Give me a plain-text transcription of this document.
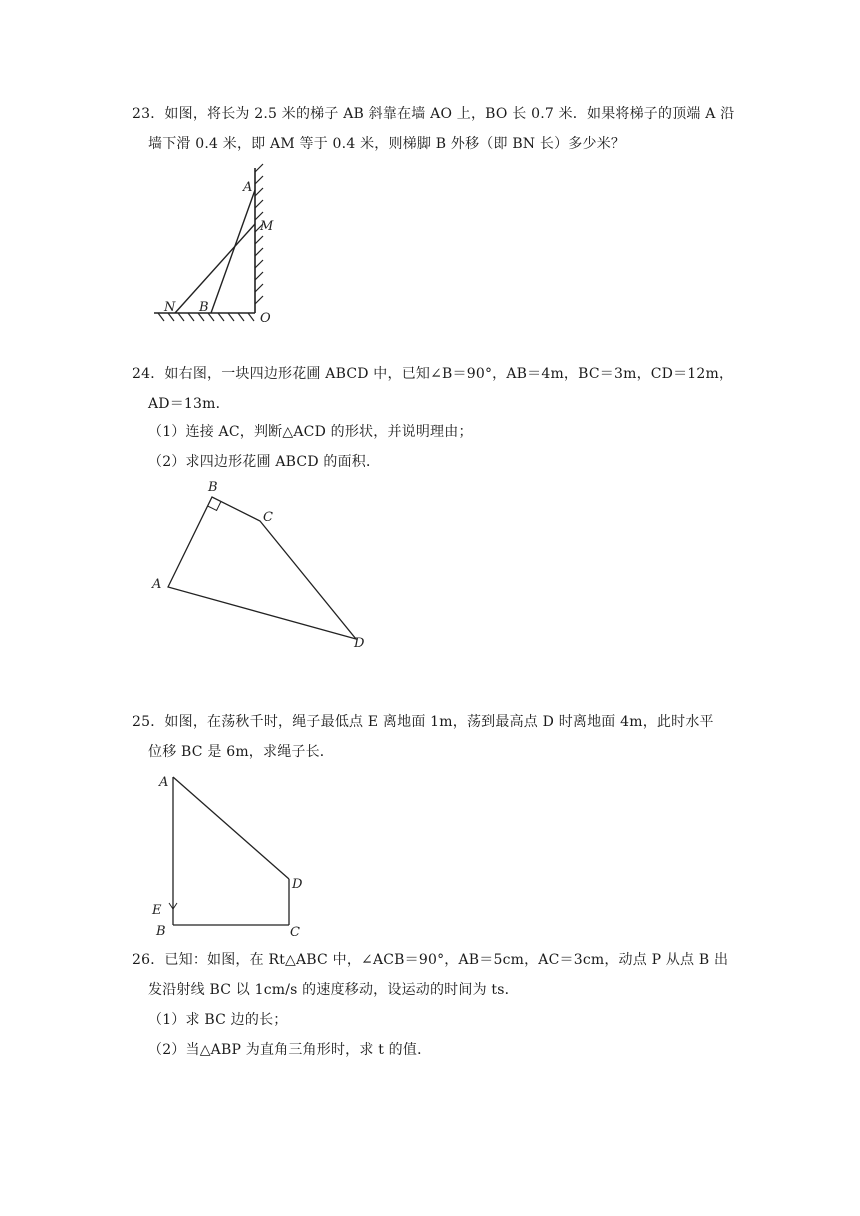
23．如图，将长为 2.5 米的梯子 AB 斜靠在墙 AO 上，BO 长 0.7 米．如果将梯子的顶端 A 沿
墙下滑 0.4 米，即 AM 等于 0.4 米，则梯脚 B 外移（即 BN 长）多少米？
A
M
N B
O
24．如右图，一块四边形花圃 ABCD 中，已知∠B＝90°，AB＝4m，BC＝3m，CD＝12m，
AD＝13m．
（1）连接 AC，判断△ACD 的形状，并说明理由；
（2）求四边形花圃 ABCD 的面积．
A
B
C
D
25．如图，在荡秋千时，绳子最低点 E 离地面 1m，荡到最高点 D 时离地面 4m，此时水平
位移 BC 是 6m，求绳子长．
A
E
B
D
C
26．已知：如图，在 Rt△ABC 中，∠ACB＝90°，AB＝5cm，AC＝3cm，动点 P 从点 B 出
发沿射线 BC 以 1cm/s 的速度移动，设运动的时间为 ts．
（1）求 BC 边的长；
（2）当△ABP 为直角三角形时，求 t 的值．
